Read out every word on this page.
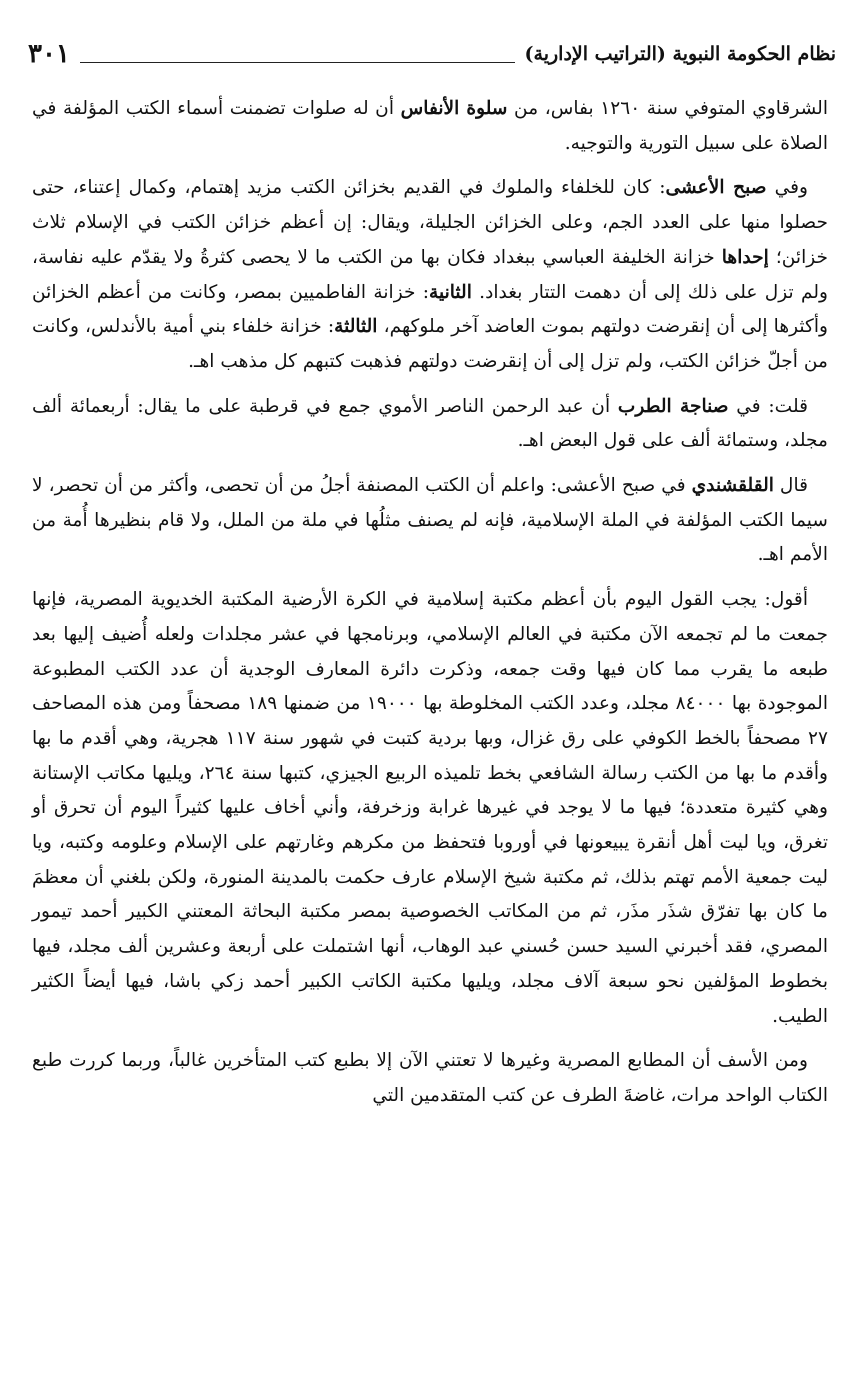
نظام الحكومة النبوية (التراتيب الإدارية)
٣٠١

الشرقاوي المتوفي سنة ١٢٦٠ بفاس، من سلوة الأنفاس أن له صلوات تضمنت أسماء الكتب المؤلفة في الصلاة على سبيل التورية والتوجيه.

وفي صبح الأعشى: كان للخلفاء والملوك في القديم بخزائن الكتب مزيد إهتمام، وكمال إعتناء، حتى حصلوا منها على العدد الجم، وعلى الخزائن الجليلة، ويقال: إن أعظم خزائن الكتب في الإسلام ثلاث خزائن؛ إحداها خزانة الخليفة العباسي ببغداد فكان بها من الكتب ما لا يحصى كثرةُ ولا يقدّم عليه نفاسة، ولم تزل على ذلك إلى أن دهمت التتار بغداد. الثانية: خزانة الفاطميين بمصر، وكانت من أعظم الخزائن وأكثرها إلى أن إنقرضت دولتهم بموت العاضد آخر ملوكهم، الثالثة: خزانة خلفاء بني أمية بالأندلس، وكانت من أجلّ خزائن الكتب، ولم تزل إلى أن إنقرضت دولتهم فذهبت كتبهم كل مذهب اهـ.

قلت: في صناجة الطرب أن عبد الرحمن الناصر الأموي جمع في قرطبة على ما يقال: أربعمائة ألف مجلد، وستمائة ألف على قول البعض اهـ.

قال القلقشندي في صبح الأعشى: واعلم أن الكتب المصنفة أجلُ من أن تحصى، وأكثر من أن تحصر، لا سيما الكتب المؤلفة في الملة الإسلامية، فإنه لم يصنف مثلُها في ملة من الملل، ولا قام بنظيرها أُمة من الأمم اهـ.

أقول: يجب القول اليوم بأن أعظم مكتبة إسلامية في الكرة الأرضية المكتبة الخديوية المصرية، فإنها جمعت ما لم تجمعه الآن مكتبة في العالم الإسلامي، وبرنامجها في عشر مجلدات ولعله أُضيف إليها بعد طبعه ما يقرب مما كان فيها وقت جمعه، وذكرت دائرة المعارف الوجدية أن عدد الكتب المطبوعة الموجودة بها ٨٤٠٠٠ مجلد، وعدد الكتب المخلوطة بها ١٩٠٠٠ من ضمنها ١٨٩ مصحفاً ومن هذه المصاحف ٢٧ مصحفاً بالخط الكوفي على رق غزال، وبها بردية كتبت في شهور سنة ١١٧ هجرية، وهي أقدم ما بها وأقدم ما بها من الكتب رسالة الشافعي بخط تلميذه الربيع الجيزي، كتبها سنة ٢٦٤، ويليها مكاتب الإستانة وهي كثيرة متعددة؛ فيها ما لا يوجد في غيرها غرابة وزخرفة، وأني أخاف عليها كثيراً اليوم أن تحرق أو تغرق، ويا ليت أهل أنقرة يبيعونها في أوروبا فتحفظ من مكرهم وغارتهم على الإسلام وعلومه وكتبه، ويا ليت جمعية الأمم تهتم بذلك، ثم مكتبة شيخ الإسلام عارف حكمت بالمدينة المنورة، ولكن بلغني أن معظمَ ما كان بها تفرّق شذَر مذَر، ثم من المكاتب الخصوصية بمصر مكتبة البحاثة المعتني الكبير أحمد تيمور المصري، فقد أخبرني السيد حسن حُسني عبد الوهاب، أنها اشتملت على أربعة وعشرين ألف مجلد، فيها بخطوط المؤلفين نحو سبعة آلاف مجلد، ويليها مكتبة الكاتب الكبير أحمد زكي باشا، فيها أيضاً الكثير الطيب.

ومن الأسف أن المطابع المصرية وغيرها لا تعتني الآن إلا بطبع كتب المتأخرين غالباً، وربما كررت طبع الكتاب الواحد مرات، غاضةَ الطرف عن كتب المتقدمين التي
